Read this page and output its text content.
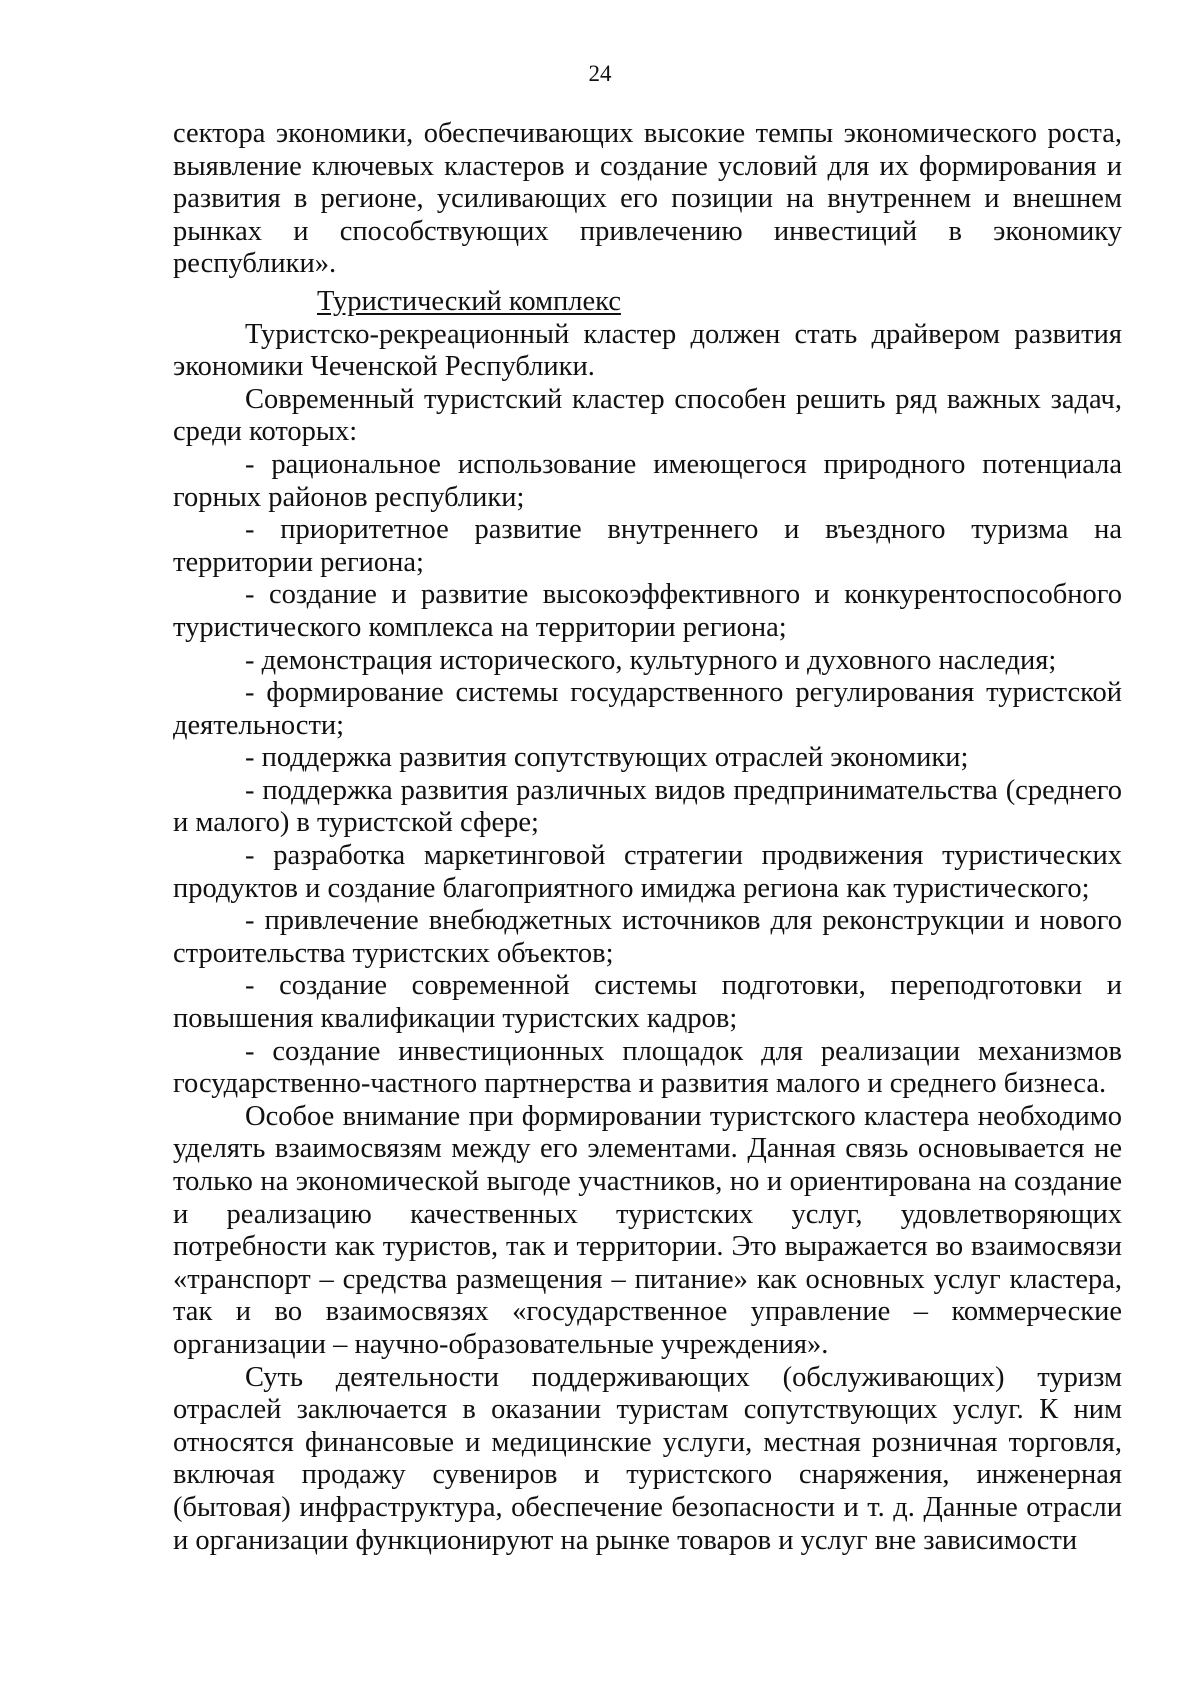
24

сектора экономики, обеспечивающих высокие темпы экономического роста, выявление ключевых кластеров и создание условий для их формирования и развития в регионе, усиливающих его позиции на внутреннем и внешнем рынках и способствующих привлечению инвестиций в экономику республики».

Туристический комплекс

Туристско-рекреационный кластер должен стать драйвером развития экономики Чеченской Республики.

Современный туристский кластер способен решить ряд важных задач, среди которых:

- рациональное использование имеющегося природного потенциала горных районов республики;

- приоритетное развитие внутреннего и въездного туризма на территории региона;

- создание и развитие высокоэффективного и конкурентоспособного туристического комплекса на территории региона;

- демонстрация исторического, культурного и духовного наследия;

- формирование системы государственного регулирования туристской деятельности;

- поддержка развития сопутствующих отраслей экономики;

- поддержка развития различных видов предпринимательства (среднего и малого) в туристской сфере;

- разработка маркетинговой стратегии продвижения туристических продуктов и создание благоприятного имиджа региона как туристического;

- привлечение внебюджетных источников для реконструкции и нового строительства туристских объектов;

- создание современной системы подготовки, переподготовки и повышения квалификации туристских кадров;

- создание инвестиционных площадок для реализации механизмов государственно-частного партнерства и развития малого и среднего бизнеса.

Особое внимание при формировании туристского кластера необходимо уделять взаимосвязям между его элементами. Данная связь основывается не только на экономической выгоде участников, но и ориентирована на создание и реализацию качественных туристских услуг, удовлетворяющих потребности как туристов, так и территории. Это выражается во взаимосвязи «транспорт – средства размещения – питание» как основных услуг кластера, так и во взаимосвязях «государственное управление – коммерческие организации – научно-образовательные учреждения».

Суть деятельности поддерживающих (обслуживающих) туризм отраслей заключается в оказании туристам сопутствующих услуг. К ним относятся финансовые и медицинские услуги, местная розничная торговля, включая продажу сувениров и туристского снаряжения, инженерная (бытовая) инфраструктура, обеспечение безопасности и т. д. Данные отрасли и организации функционируют на рынке товаров и услуг вне зависимости
